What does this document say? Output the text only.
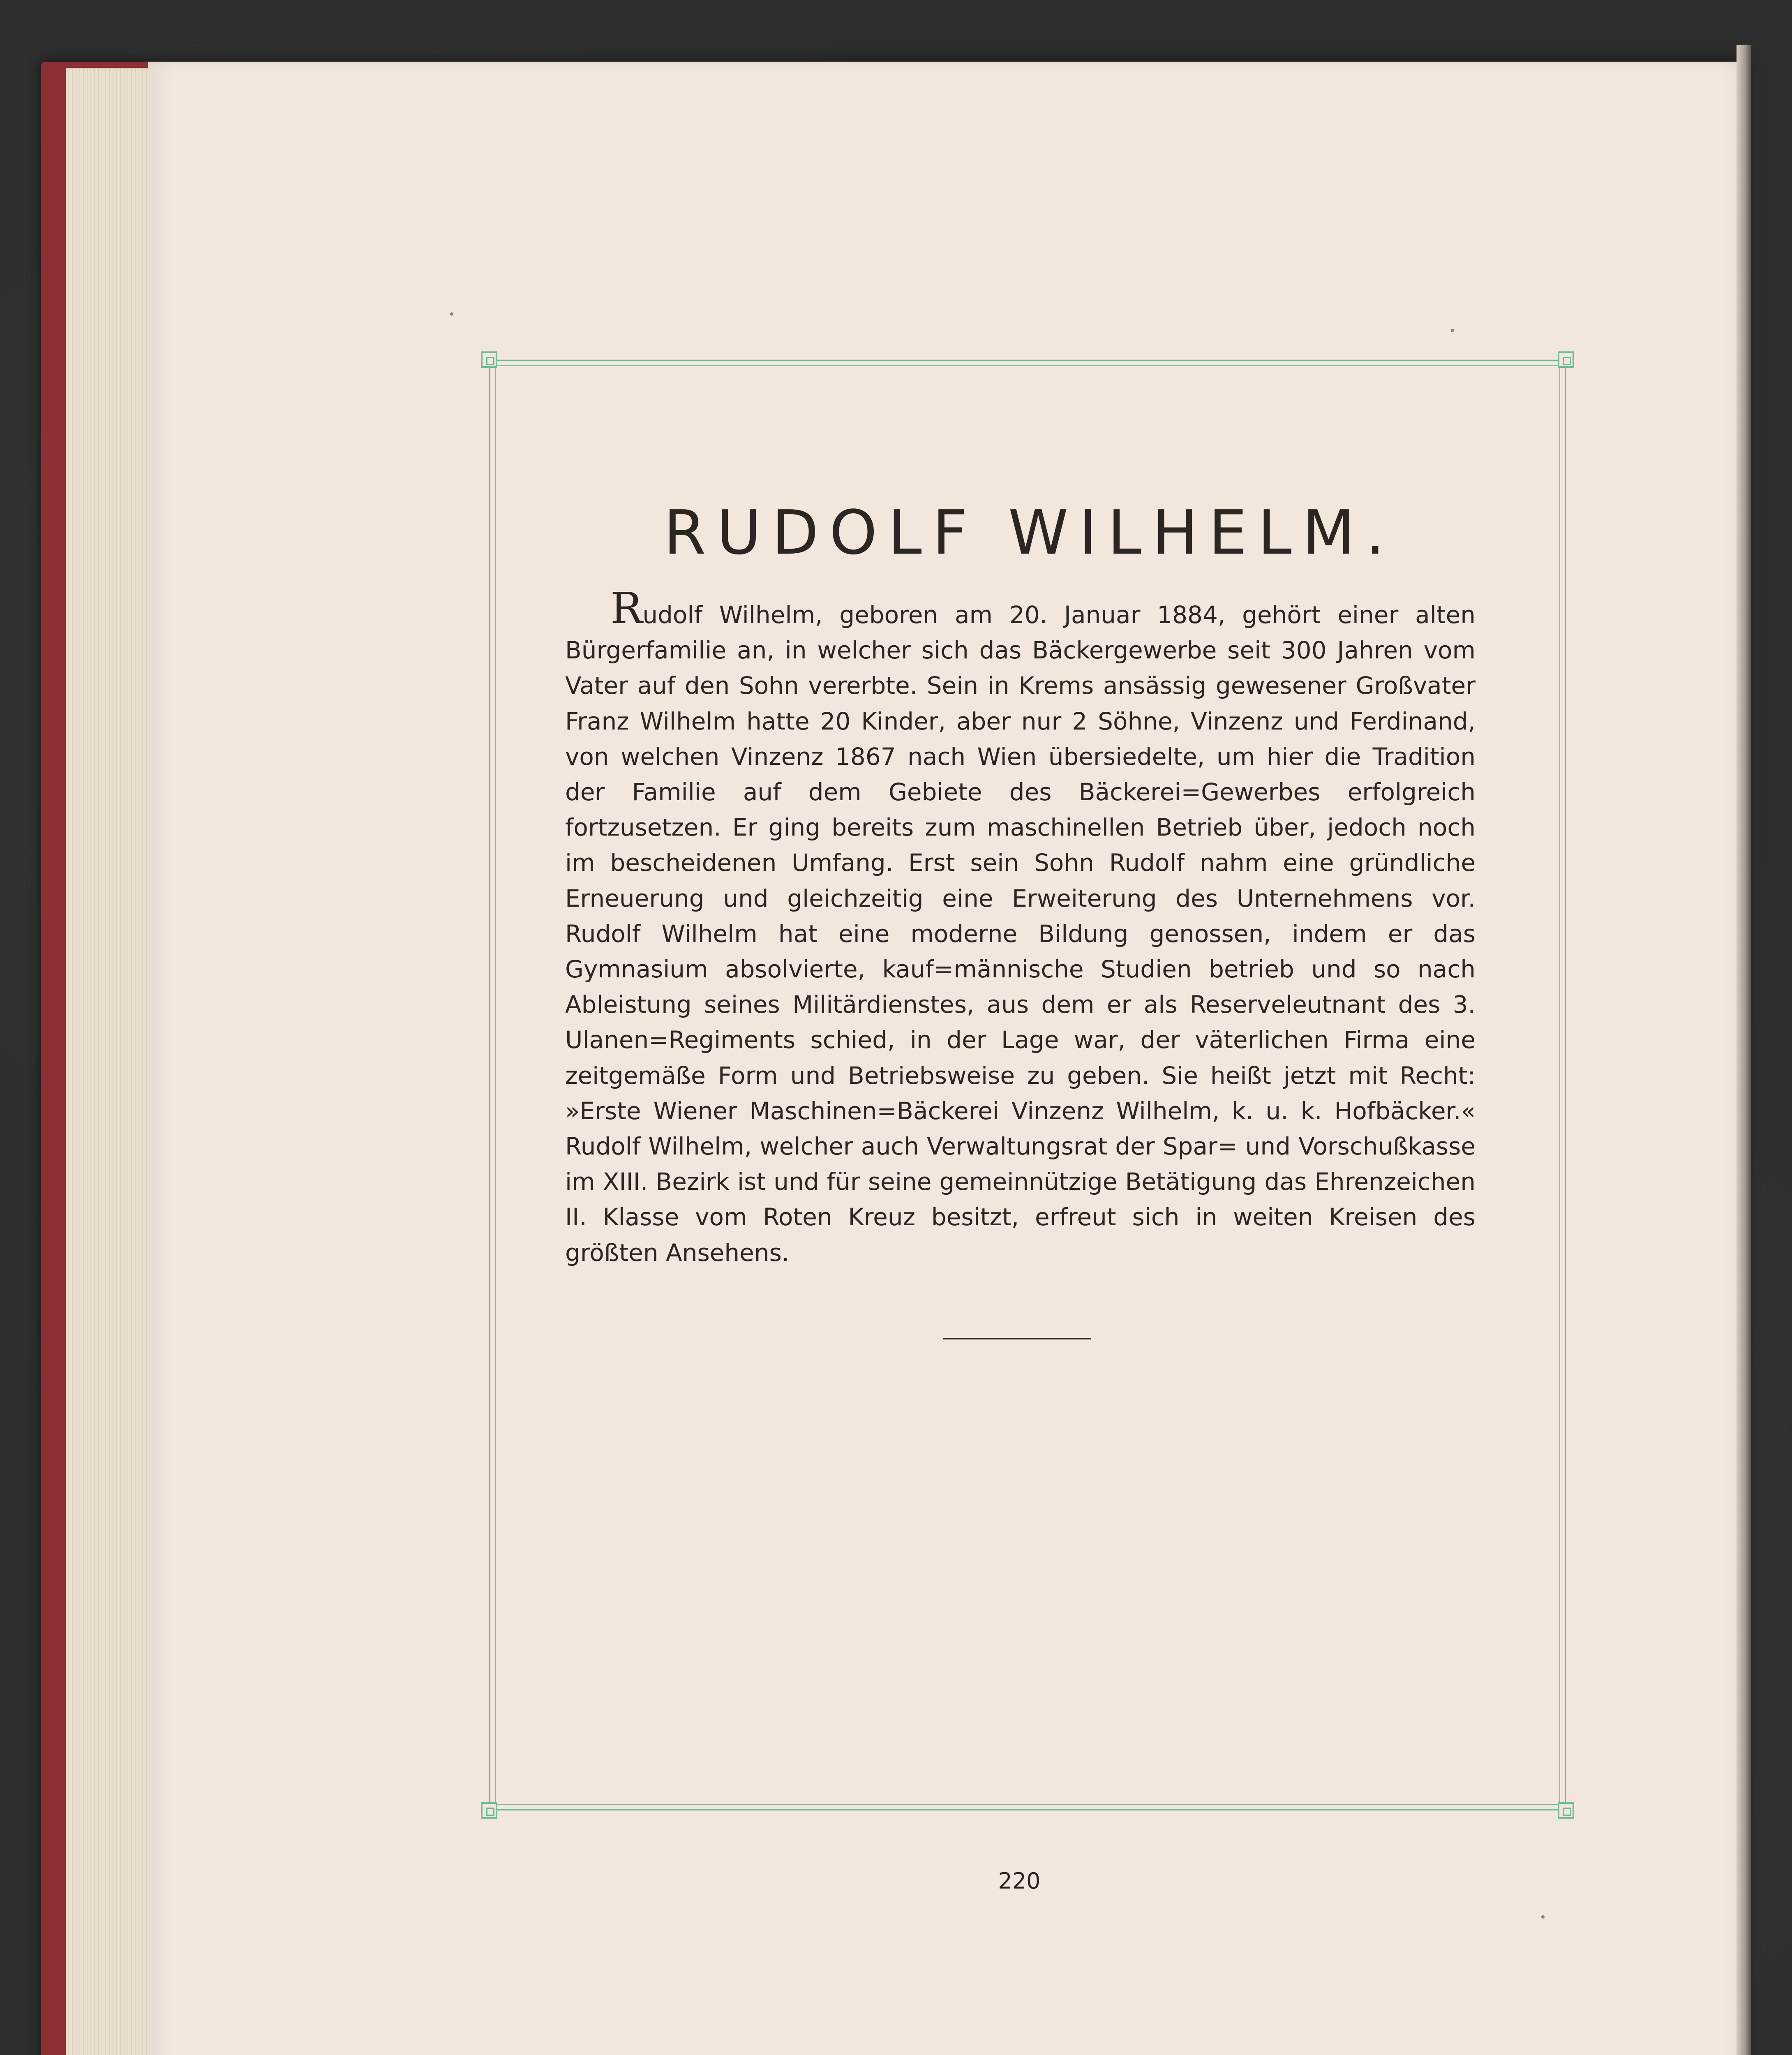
RUDOLF WILHELM.
Rudolf Wilhelm, geboren am 20. Januar 1884, gehört einer alten Bürgerfamilie an, in welcher sich das Bäckergewerbe seit 300 Jahren vom Vater auf den Sohn vererbte. Sein in Krems ansässig gewesener Großvater Franz Wilhelm hatte 20 Kinder, aber nur 2 Söhne, Vinzenz und Ferdinand, von welchen Vinzenz 1867 nach Wien übersiedelte, um hier die Tradition der Familie auf dem Gebiete des Bäckerei=Gewerbes erfolgreich fortzusetzen. Er ging bereits zum maschinellen Betrieb über, jedoch noch im bescheidenen Umfang. Erst sein Sohn Rudolf nahm eine gründliche Erneuerung und gleichzeitig eine Erweiterung des Unternehmens vor. Rudolf Wilhelm hat eine moderne Bildung genossen, indem er das Gymnasium absolvierte, kauf=männische Studien betrieb und so nach Ableistung seines Militärdienstes, aus dem er als Reserveleutnant des 3. Ulanen=Regiments schied, in der Lage war, der väterlichen Firma eine zeitgemäße Form und Betriebsweise zu geben. Sie heißt jetzt mit Recht: »Erste Wiener Maschinen=Bäckerei Vinzenz Wilhelm, k. u. k. Hofbäcker.« Rudolf Wilhelm, welcher auch Verwaltungsrat der Spar= und Vorschußkasse im XIII. Bezirk ist und für seine gemeinnützige Betätigung das Ehrenzeichen II. Klasse vom Roten Kreuz besitzt, erfreut sich in weiten Kreisen des größten Ansehens.
220
